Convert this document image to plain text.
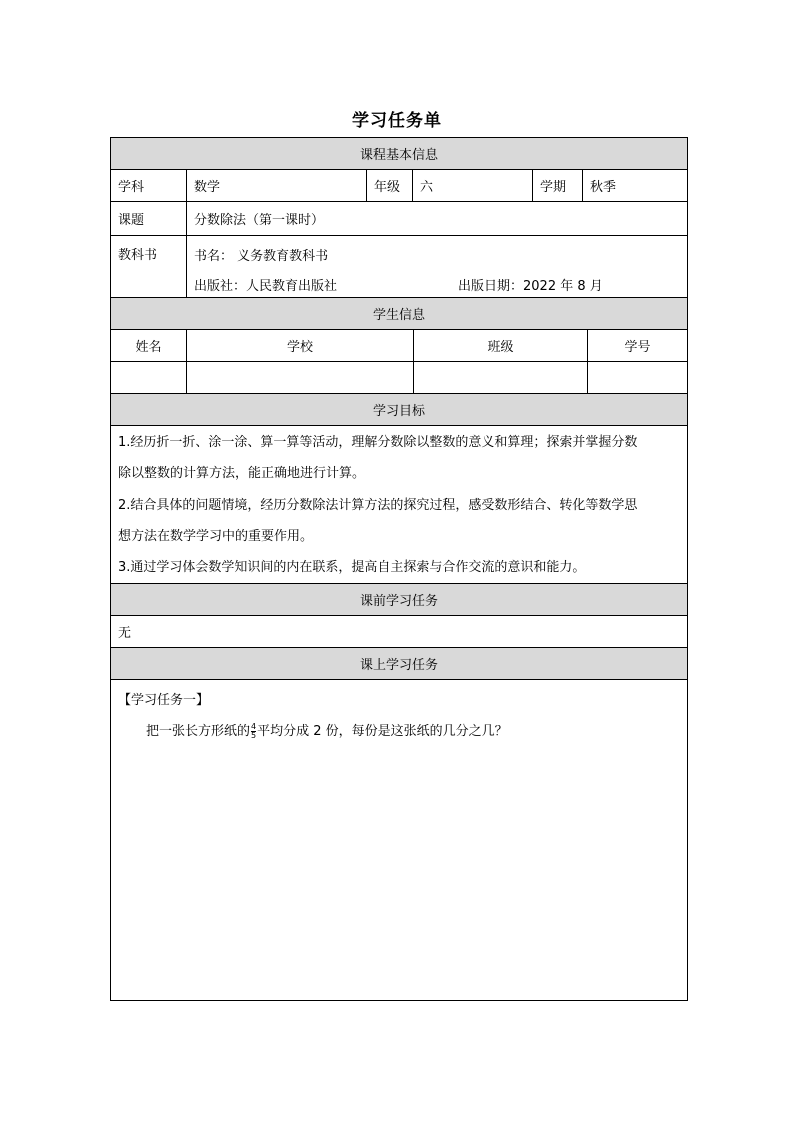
学习任务单
课程基本信息
学科	数学	年级	六	学期	秋季
课题	分数除法（第一课时）
教科书	书名： 义务教育教科书
出版社：人民教育出版社	出版日期：2022 年 8 月
学生信息
姓名	学校	班级	学号
学习目标
1.经历折一折、涂一涂、算一算等活动，理解分数除以整数的意义和算理；探索并掌握分数
除以整数的计算方法，能正确地进行计算。
2.结合具体的问题情境，经历分数除法计算方法的探究过程，感受数形结合、转化等数学思
想方法在数学学习中的重要作用。
3.通过学习体会数学知识间的内在联系，提高自主探索与合作交流的意识和能力。
课前学习任务
无
课上学习任务
【学习任务一】
把一张长方形纸的 $\frac{4}{5}$ 平均分成 2 份，每份是这张纸的几分之几？
